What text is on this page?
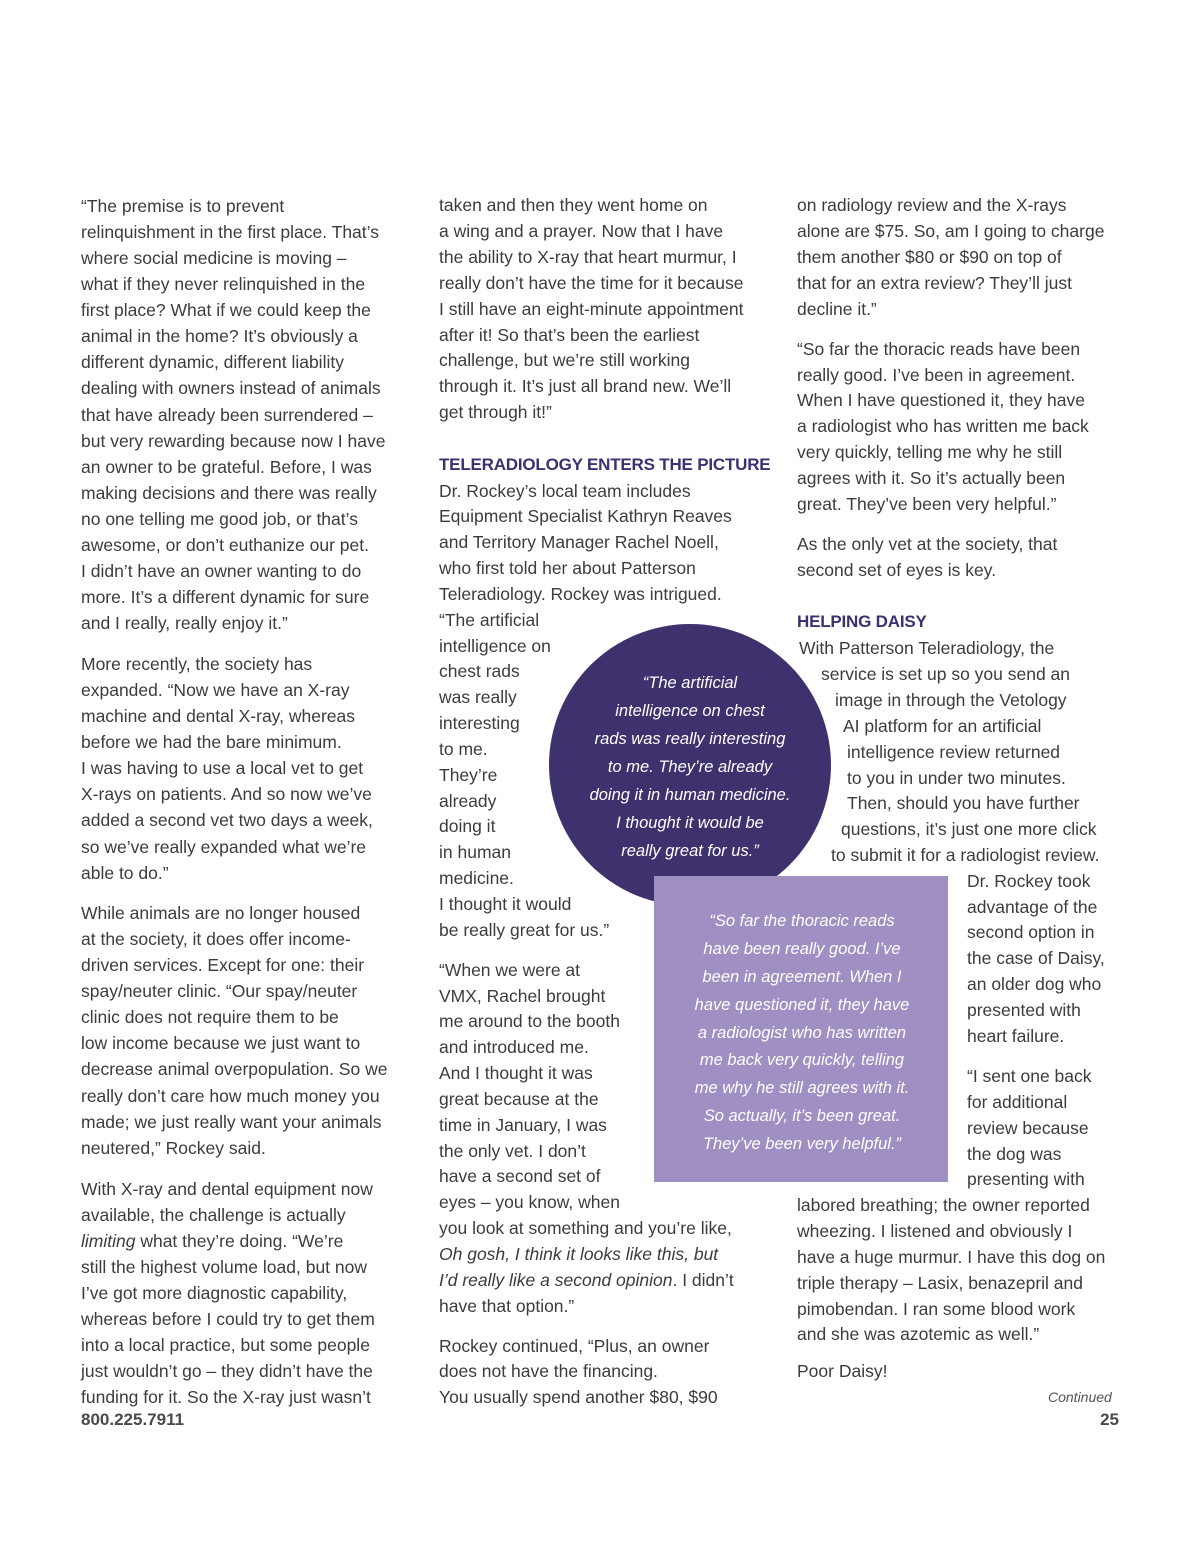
“The premise is to prevent
relinquishment in the first place. That’s
where social medicine is moving –
what if they never relinquished in the
first place? What if we could keep the
animal in the home? It’s obviously a
different dynamic, different liability
dealing with owners instead of animals
that have already been surrendered –
but very rewarding because now I have
an owner to be grateful. Before, I was
making decisions and there was really
no one telling me good job, or that’s
awesome, or don’t euthanize our pet.
I didn’t have an owner wanting to do
more. It’s a different dynamic for sure
and I really, really enjoy it.”
More recently, the society has
expanded. “Now we have an X-ray
machine and dental X-ray, whereas
before we had the bare minimum.
I was having to use a local vet to get
X-rays on patients. And so now we’ve
added a second vet two days a week,
so we’ve really expanded what we’re
able to do.”
While animals are no longer housed
at the society, it does offer income-
driven services. Except for one: their
spay/neuter clinic. “Our spay/neuter
clinic does not require them to be
low income because we just want to
decrease animal overpopulation. So we
really don’t care how much money you
made; we just really want your animals
neutered,” Rockey said.
With X-ray and dental equipment now
available, the challenge is actually
limiting what they’re doing. “We’re
still the highest volume load, but now
I’ve got more diagnostic capability,
whereas before I could try to get them
into a local practice, but some people
just wouldn’t go – they didn’t have the
funding for it. So the X-ray just wasn’t
taken and then they went home on
a wing and a prayer. Now that I have
the ability to X-ray that heart murmur, I
really don’t have the time for it because
I still have an eight-minute appointment
after it! So that’s been the earliest
challenge, but we’re still working
through it. It’s just all brand new. We’ll
get through it!”
TELERADIOLOGY ENTERS THE PICTURE
Dr. Rockey’s local team includes
Equipment Specialist Kathryn Reaves
and Territory Manager Rachel Noell,
who first told her about Patterson
Teleradiology. Rockey was intrigued.
“The artificial
intelligence on
chest rads
was really
interesting
to me.
They’re
already
doing it
in human
medicine.
I thought it would
be really great for us.”
“When we were at
VMX, Rachel brought
me around to the booth
and introduced me.
And I thought it was
great because at the
time in January, I was
the only vet. I don’t
have a second set of
eyes – you know, when
you look at something and you’re like,
Oh gosh, I think it looks like this, but
I’d really like a second opinion. I didn’t
have that option.”
Rockey continued, “Plus, an owner
does not have the financing.
You usually spend another $80, $90
on radiology review and the X-rays
alone are $75. So, am I going to charge
them another $80 or $90 on top of
that for an extra review? They’ll just
decline it.”
“So far the thoracic reads have been
really good. I’ve been in agreement.
When I have questioned it, they have
a radiologist who has written me back
very quickly, telling me why he still
agrees with it. So it’s actually been
great. They’ve been very helpful.”
As the only vet at the society, that
second set of eyes is key.
HELPING DAISY
With Patterson Teleradiology, the
service is set up so you send an
image in through the Vetology
AI platform for an artificial
intelligence review returned
to you in under two minutes.
Then, should you have further
questions, it’s just one more click
to submit it for a radiologist review.
Dr. Rockey took
advantage of the
second option in
the case of Daisy,
an older dog who
presented with
heart failure.
“I sent one back
for additional
review because
the dog was
presenting with
labored breathing; the owner reported
wheezing. I listened and obviously I
have a huge murmur. I have this dog on
triple therapy – Lasix, benazepril and
pimobendan. I ran some blood work
and she was azotemic as well.”
Poor Daisy!
Continued
“The artificial
intelligence on chest
rads was really interesting
to me. They’re already
doing it in human medicine.
I thought it would be
really great for us.”
“So far the thoracic reads
have been really good. I’ve
been in agreement. When I
have questioned it, they have
a radiologist who has written
me back very quickly, telling
me why he still agrees with it.
So actually, it’s been great.
They’ve been very helpful.”
800.225.7911	25
